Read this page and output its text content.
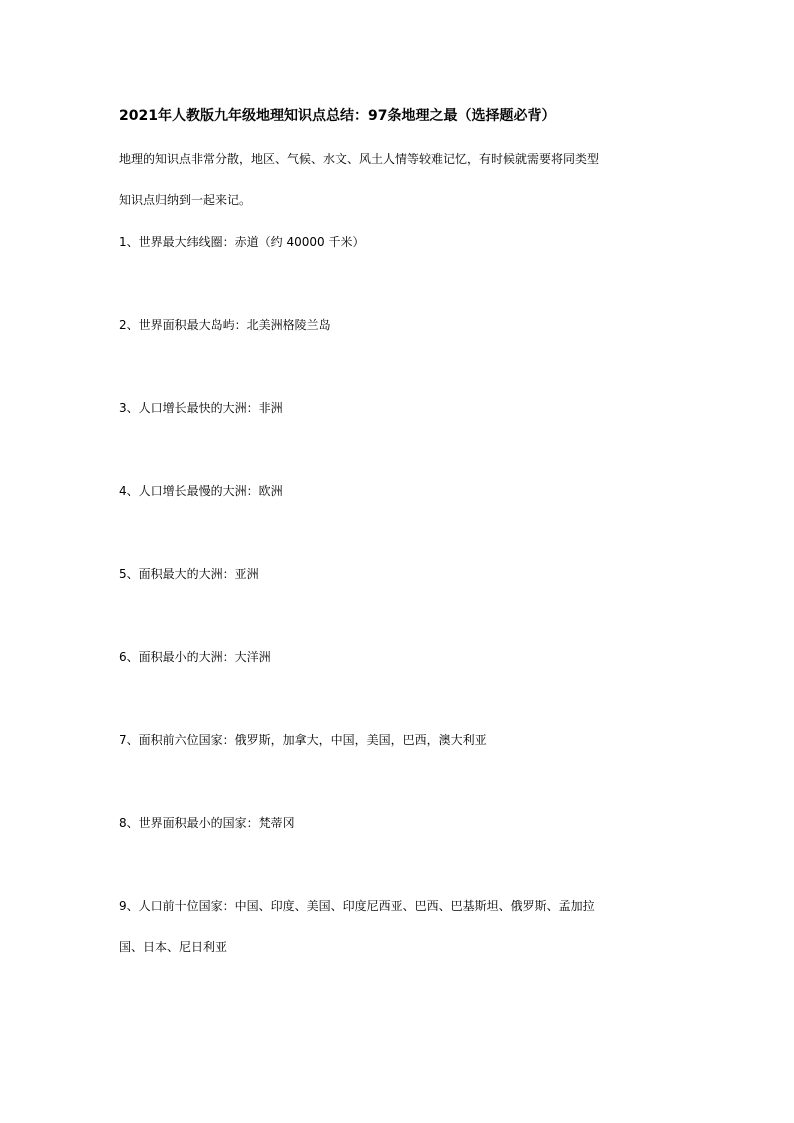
2021年人教版九年级地理知识点总结：97条地理之最（选择题必背）
地理的知识点非常分散，地区、气候、水文、风土人情等较难记忆，有时候就需要将同类型
知识点归纳到一起来记。
1、世界最大纬线圈：赤道（约 40000 千米）
2、世界面积最大岛屿：北美洲格陵兰岛
3、人口增长最快的大洲：非洲
4、人口增长最慢的大洲：欧洲
5、面积最大的大洲：亚洲
6、面积最小的大洲：大洋洲
7、面积前六位国家：俄罗斯，加拿大，中国，美国，巴西，澳大利亚
8、世界面积最小的国家：梵蒂冈
9、人口前十位国家：中国、印度、美国、印度尼西亚、巴西、巴基斯坦、俄罗斯、孟加拉
国、日本、尼日利亚
